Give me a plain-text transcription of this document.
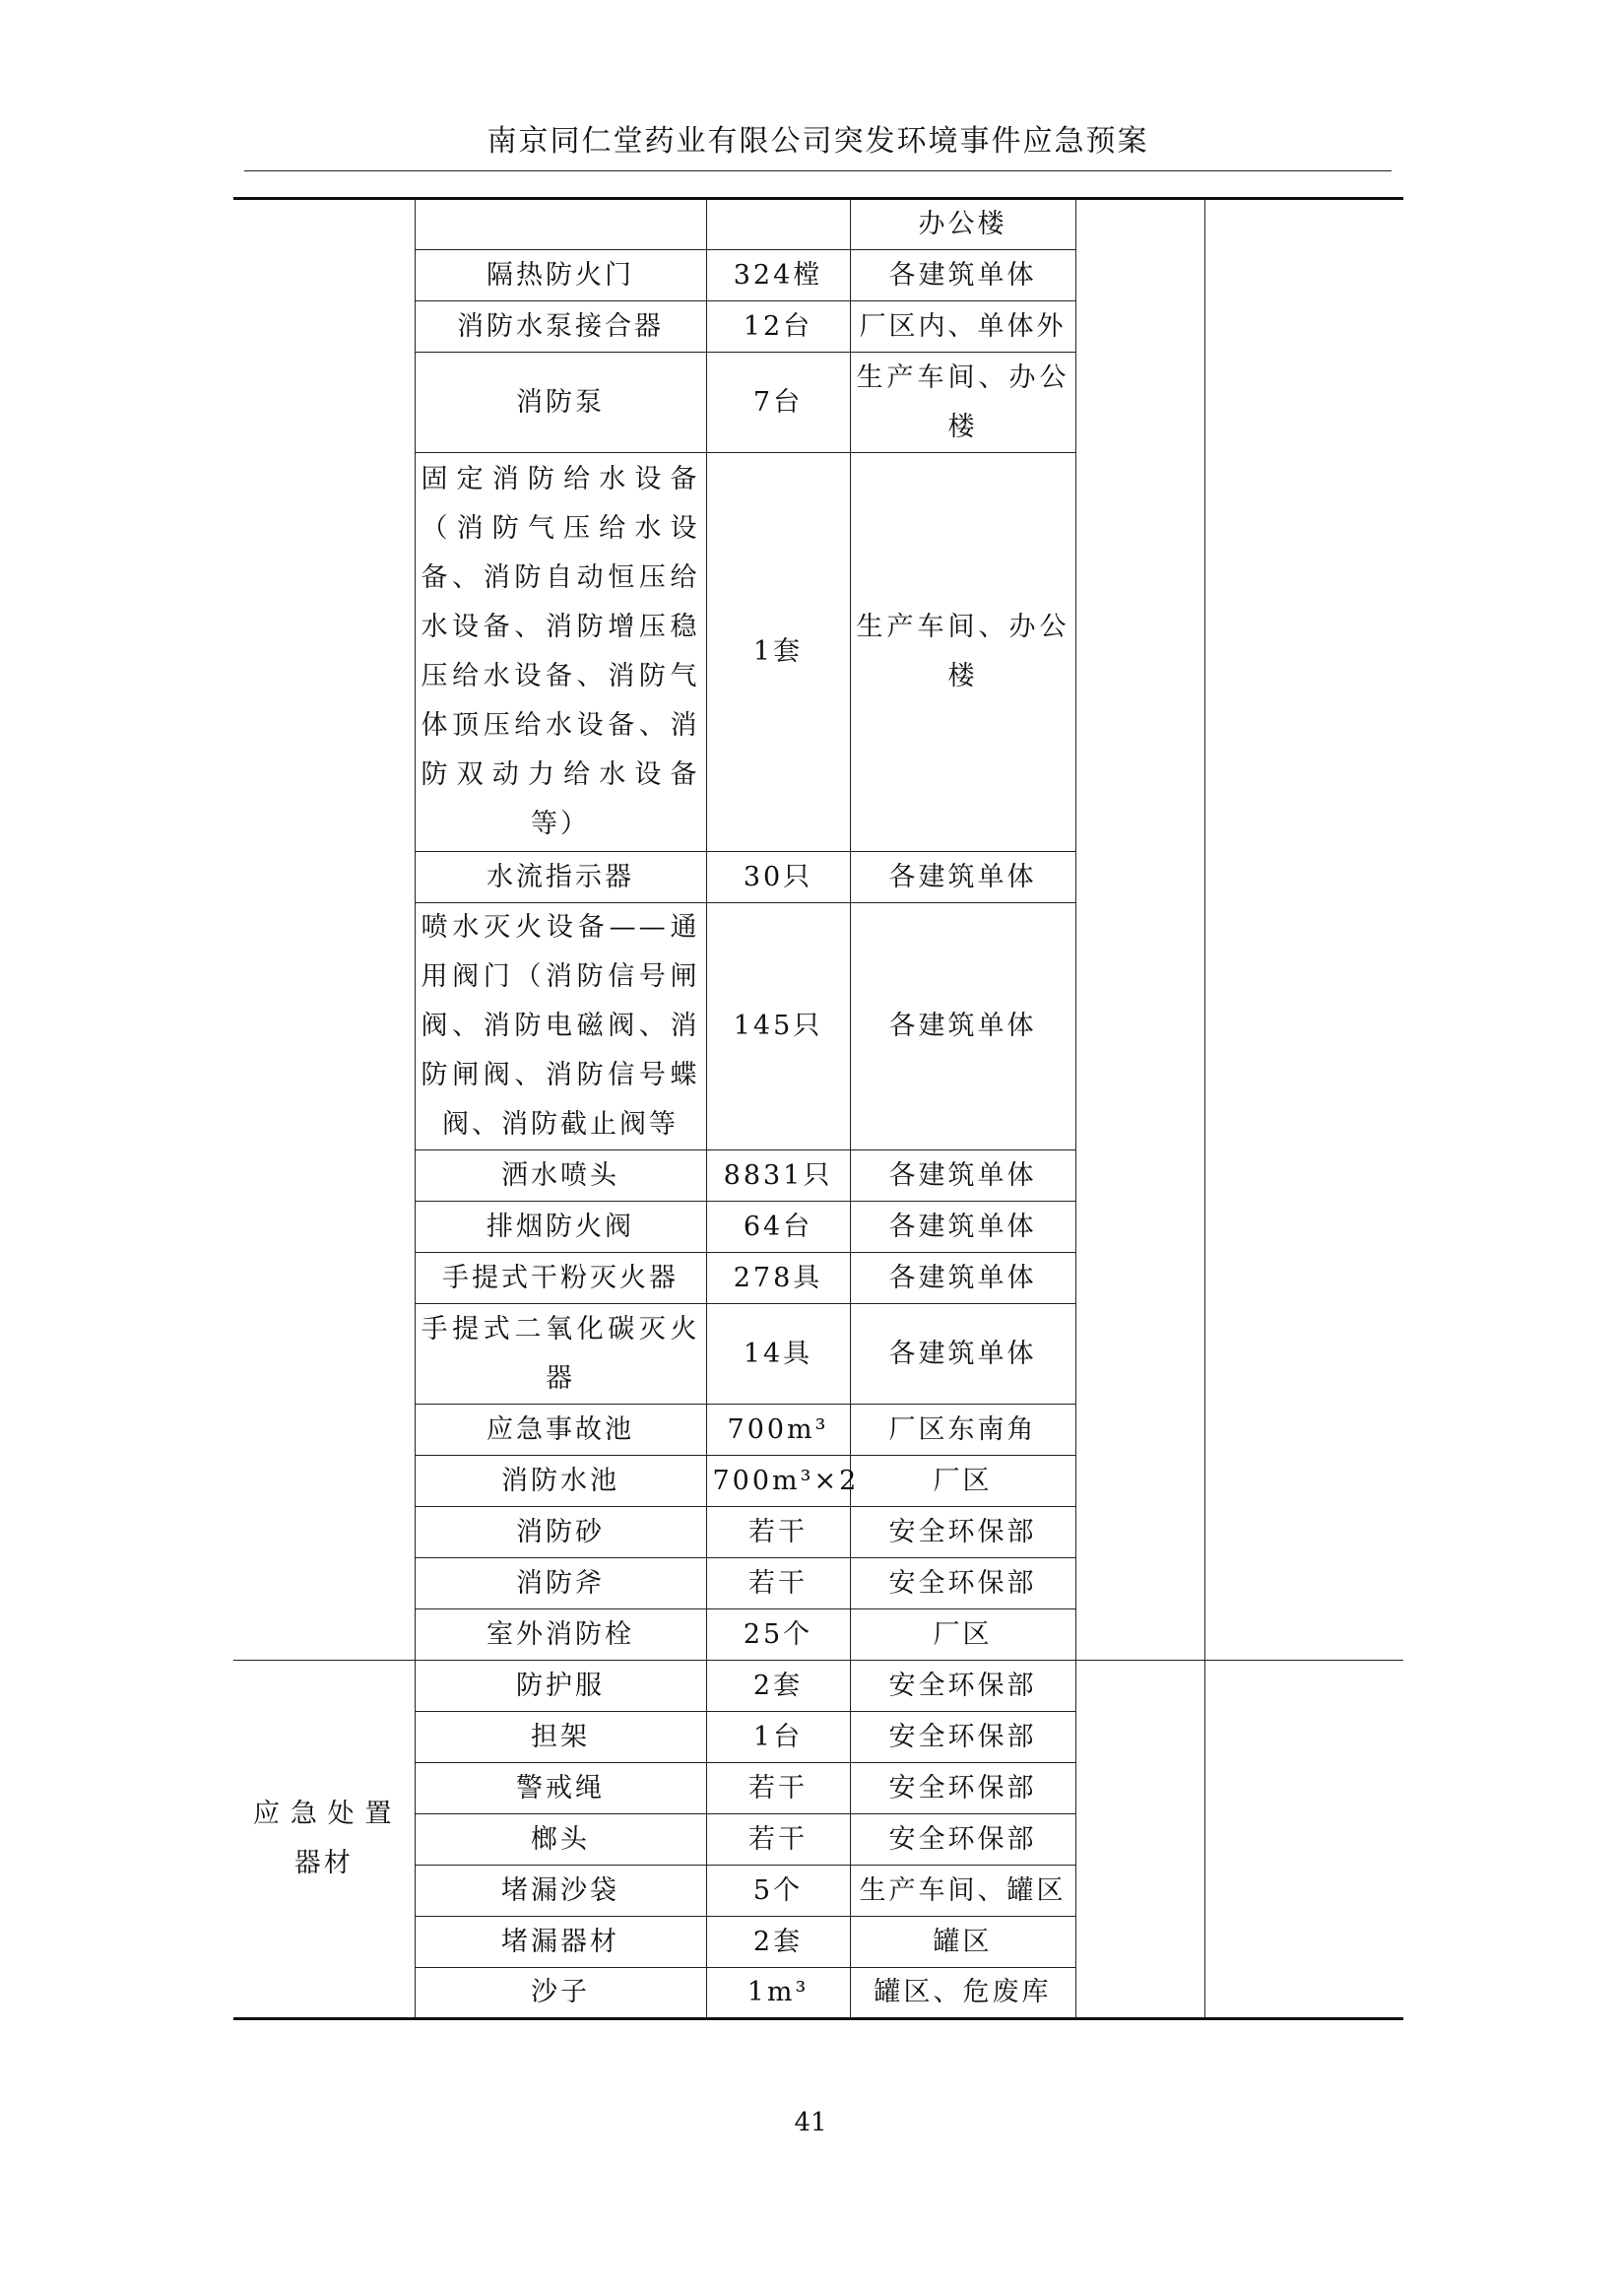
南京同仁堂药业有限公司突发环境事件应急预案
			办公楼		
	隔热防火门	324樘	各建筑单体		
	消防水泵接合器	12台	厂区内、单体外		
	消防泵	7台	生产车间、办公楼		
	固定消防给水设备（消防气压给水设备、消防自动恒压给水设备、消防增压稳压给水设备、消防气体顶压给水设备、消防双动力给水设备等）	1套	生产车间、办公楼		
	水流指示器	30只	各建筑单体		
	喷水灭火设备——通用阀门（消防信号闸阀、消防电磁阀、消防闸阀、消防信号蝶阀、消防截止阀等	145只	各建筑单体		
	洒水喷头	8831只	各建筑单体		
	排烟防火阀	64台	各建筑单体		
	手提式干粉灭火器	278具	各建筑单体		
	手提式二氧化碳灭火器	14具	各建筑单体		
	应急事故池	700m³	厂区东南角		
	消防水池	700m³×2	厂区		
	消防砂	若干	安全环保部		
	消防斧	若干	安全环保部		
	室外消防栓	25个	厂区		
应急处置器材	防护服	2套	安全环保部		
	担架	1台	安全环保部		
	警戒绳	若干	安全环保部		
	榔头	若干	安全环保部		
	堵漏沙袋	5个	生产车间、罐区		
	堵漏器材	2套	罐区		
	沙子	1m³	罐区、危废库		
41
